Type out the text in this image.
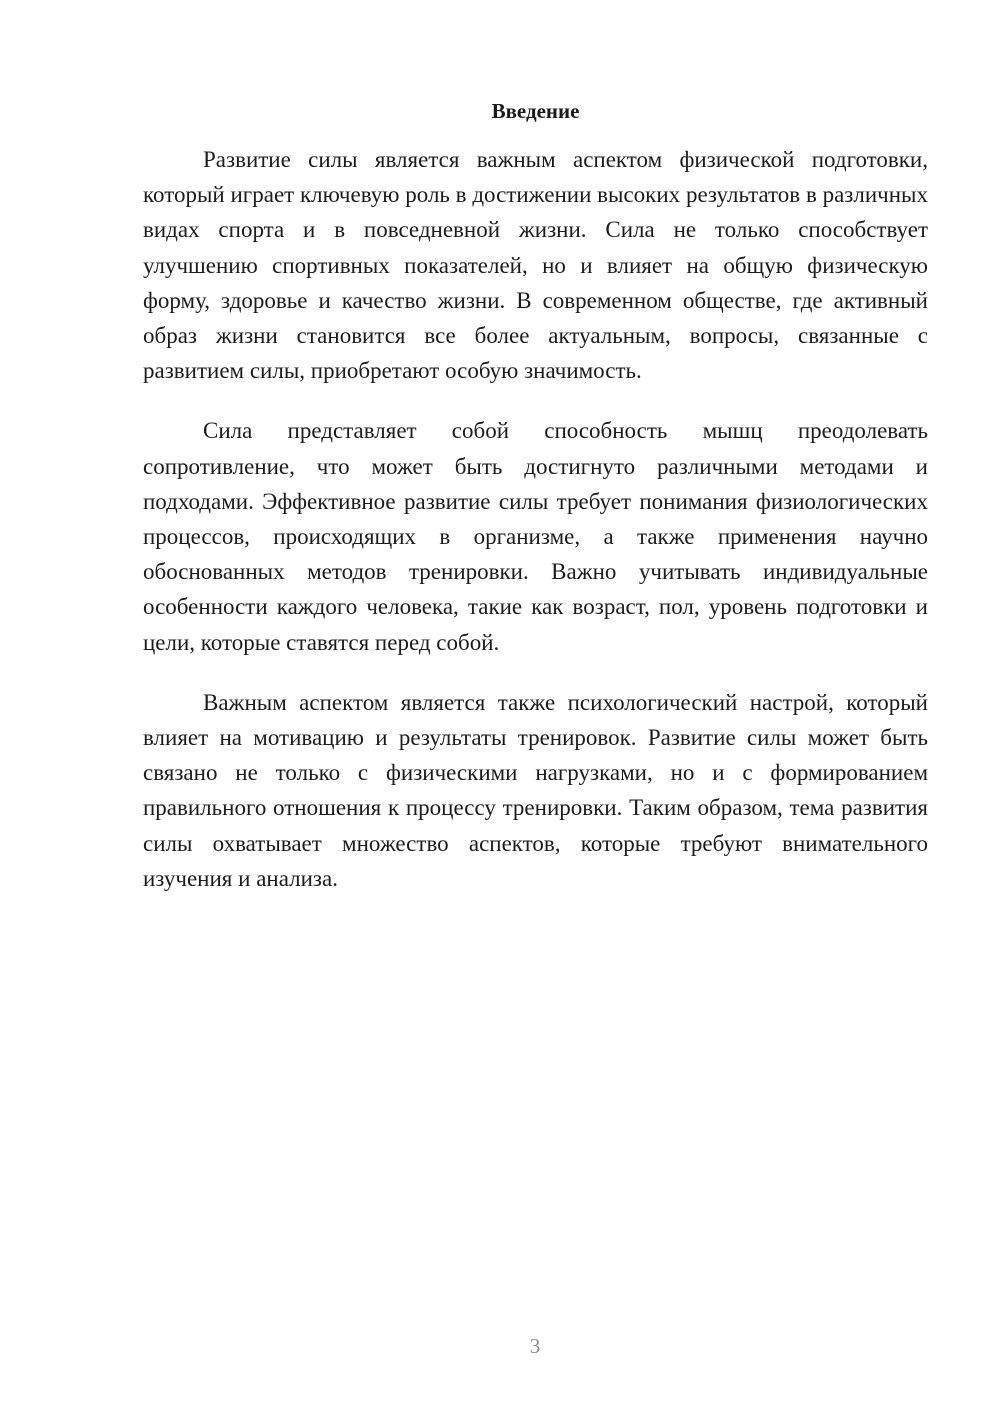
Введение

Развитие силы является важным аспектом физической подготовки, который играет ключевую роль в достижении высоких результатов в различных видах спорта и в повседневной жизни. Сила не только способствует улучшению спортивных показателей, но и влияет на общую физическую форму, здоровье и качество жизни. В современном обществе, где активный образ жизни становится все более актуальным, вопросы, связанные с развитием силы, приобретают особую значимость.

Сила представляет собой способность мышц преодолевать сопротивление, что может быть достигнуто различными методами и подходами. Эффективное развитие силы требует понимания физиологических процессов, происходящих в организме, а также применения научно обоснованных методов тренировки. Важно учитывать индивидуальные особенности каждого человека, такие как возраст, пол, уровень подготовки и цели, которые ставятся перед собой.

Важным аспектом является также психологический настрой, который влияет на мотивацию и результаты тренировок. Развитие силы может быть связано не только с физическими нагрузками, но и с формированием правильного отношения к процессу тренировки. Таким образом, тема развития силы охватывает множество аспектов, которые требуют внимательного изучения и анализа.

3
